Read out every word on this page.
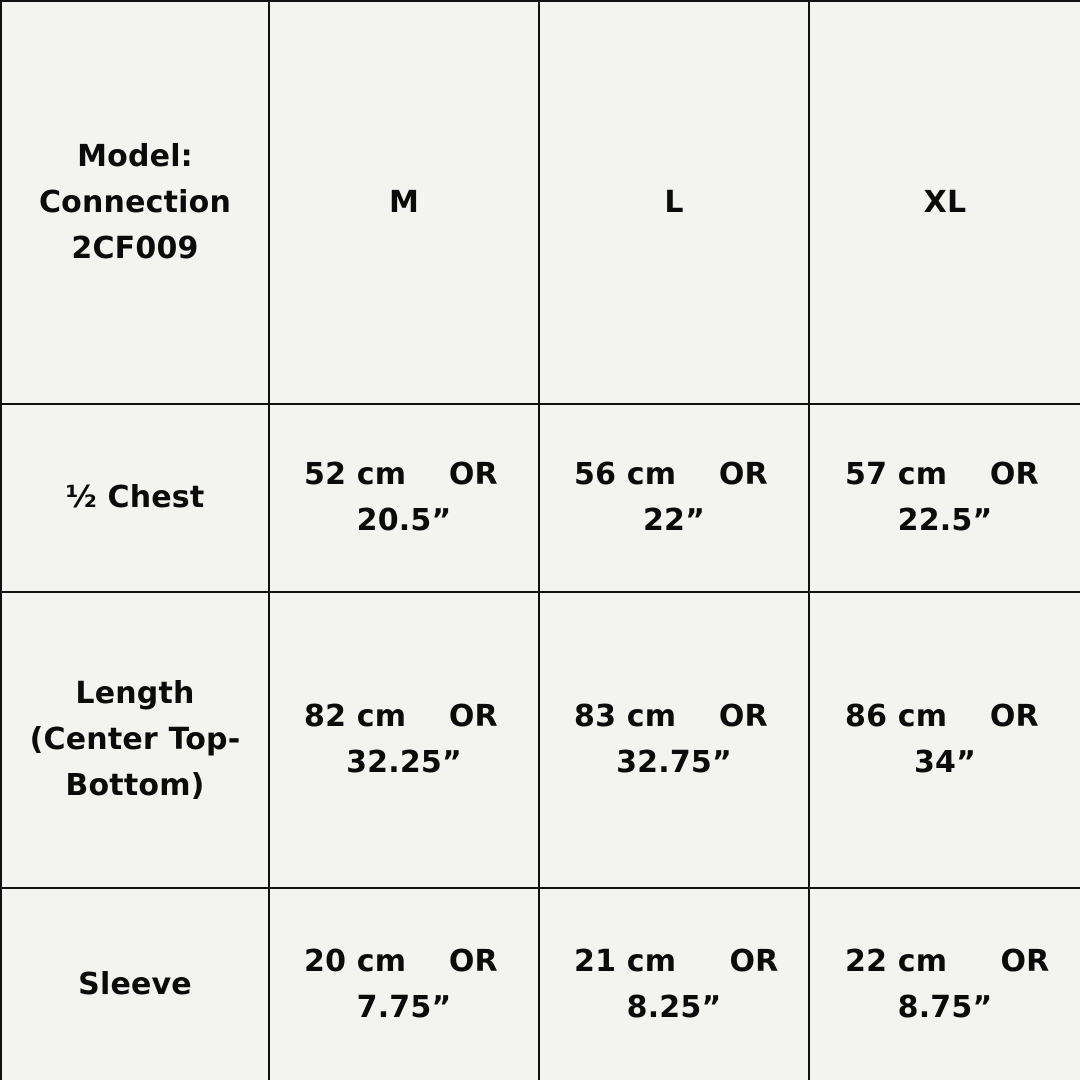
Model:
Connection
2CF009
M	L	XL
½ Chest
52 cm OR
20.5”
56 cm OR
22”
57 cm OR
22.5”
Length
(Center Top-
Bottom)
82 cm OR
32.25”
83 cm OR
32.75”
86 cm OR
34”
Sleeve
20 cm OR
7.75”
21 cm OR
8.25”
22 cm OR
8.75”
